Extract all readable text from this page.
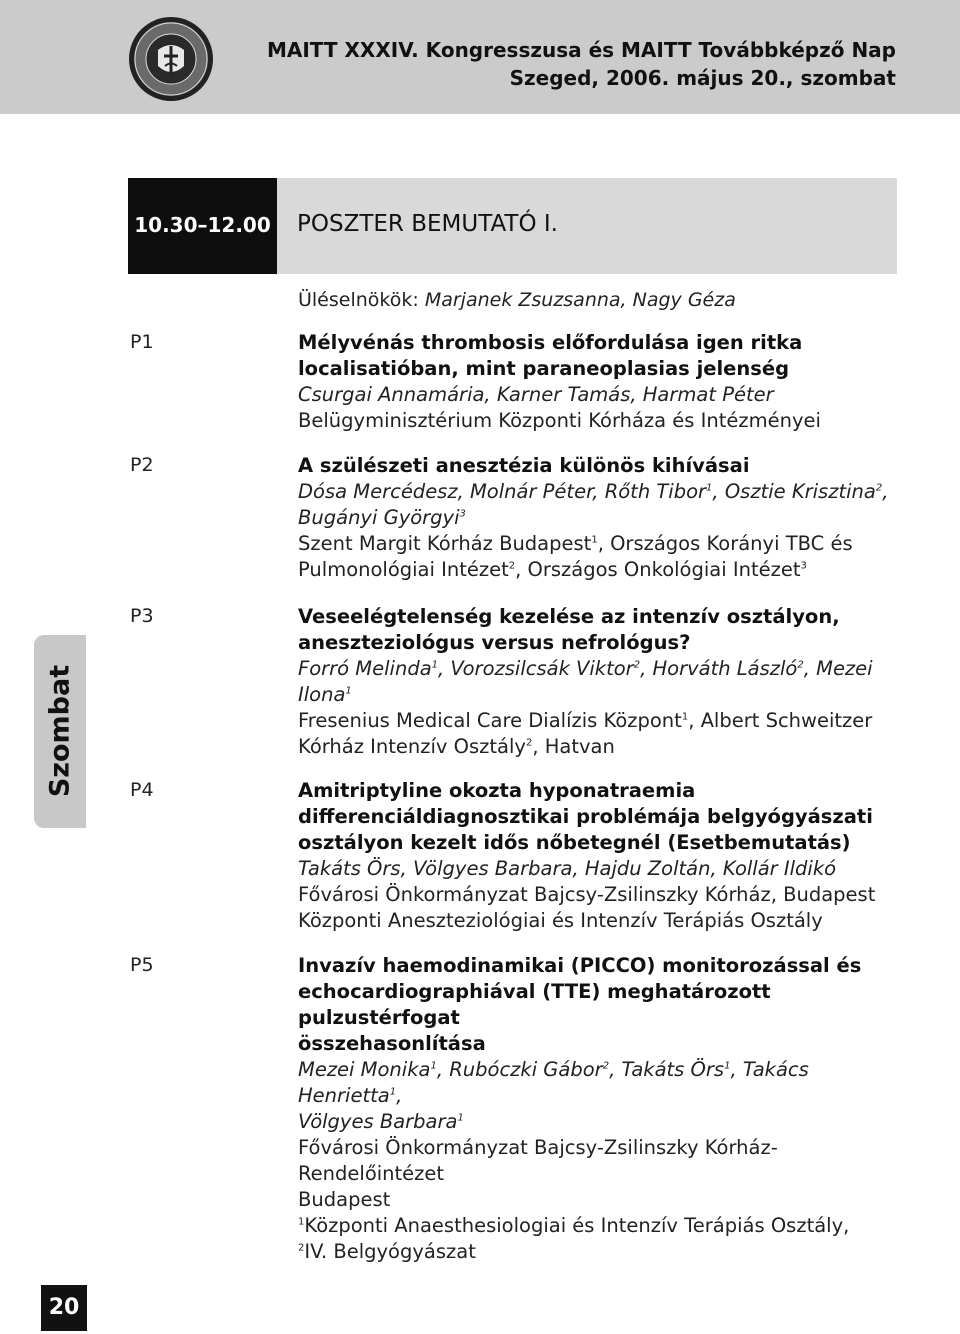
MAITT XXXIV. Kongresszusa és MAITT Továbbképző Nap
Szeged, 2006. május 20., szombat
10.30–12.00 POSZTER BEMUTATÓ I.
Üléselnökök: Marjanek Zsuzsanna, Nagy Géza
P1	Mélyvénás thrombosis előfordulása igen ritka
localisatióban, mint paraneoplasias jelenség
Csurgai Annamária, Karner Tamás, Harmat Péter
Belügyminisztérium Központi Kórháza és Intézményei
P2	A szülészeti anesztézia különös kihívásai
Dósa Mercédesz, Molnár Péter, Rőth Tibor$^1$, Osztie Krisztina$^2$,
Bugányi Györgyi$^3$
Szent Margit Kórház Budapest$^1$, Országos Korányi TBC és
Pulmonológiai Intézet$^2$, Országos Onkológiai Intézet$^3$
P3	Veseelégtelenség kezelése az intenzív osztályon,
aneszteziológus versus nefrológus?
Forró Melinda$^1$, Vorozsilcsák Viktor$^2$, Horváth László$^2$, Mezei
Ilona$^1$
Fresenius Medical Care Dialízis Központ$^1$, Albert Schweitzer
Kórház Intenzív Osztály$^2$, Hatvan
P4	Amitriptyline okozta hyponatraemia
differenciáldiagnosztikai problémája belgyógyászati
osztályon kezelt idős nőbetegnél (Esetbemutatás)
Takáts Örs, Völgyes Barbara, Hajdu Zoltán, Kollár Ildikó
Fővárosi Önkormányzat Bajcsy-Zsilinszky Kórház, Budapest
Központi Aneszteziológiai és Intenzív Terápiás Osztály
P5	Invazív haemodinamikai (PICCO) monitorozással és
echocardiographiával (TTE) meghatározott pulzustérfogat
összehasonlítása
Mezei Monika$^1$, Rubóczki Gábor$^2$, Takáts Örs$^1$, Takács Henrietta$^1$,
Völgyes Barbara$^1$
Fővárosi Önkormányzat Bajcsy-Zsilinszky Kórház-Rendelőintézet
Budapest
$^1$Központi Anaesthesiologiai és Intenzív Terápiás Osztály,
$^2$IV. Belgyógyászat
Szombat
20
